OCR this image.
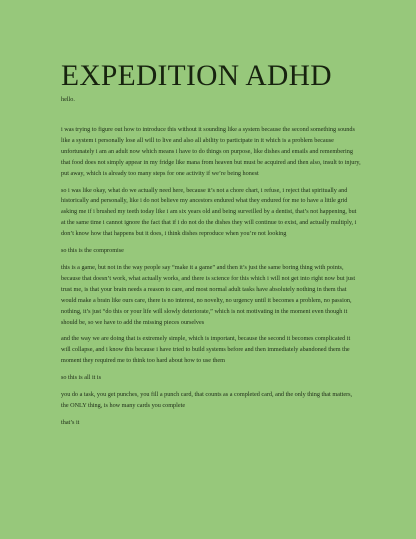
EXPEDITION ADHD

hello.

i was trying to figure out how to introduce this without it sounding like a system because the second something sounds like a system i personally lose all will to live and also all ability to participate in it which is a problem because unfortunately i am an adult now which means i have to do things on purpose, like dishes and emails and remembering that food does not simply appear in my fridge like mana from heaven but must be acquired and then also, insult to injury, put away, which is already too many steps for one activity if we’re being honest

so i was like okay, what do we actually need here, because it’s not a chore chart, i refuse, i reject that spiritually and historically and personally, like i do not believe my ancestors endured what they endured for me to have a little grid asking me if i brushed my teeth today like i am six years old and being surveilled by a dentist, that’s not happening, but at the same time i cannot ignore the fact that if i do not do the dishes they will continue to exist, and actually multiply, i don’t know how that happens but it does, i think dishes reproduce when you’re not looking

so this is the compromise

this is a game, but not in the way people say “make it a game” and then it’s just the same boring thing with points, because that doesn’t work, what actually works, and there is science for this which i will not get into right now but just trust me, is that your brain needs a reason to care, and most normal adult tasks have absolutely nothing in them that would make a brain like ours care, there is no interest, no novelty, no urgency until it becomes a problem, no passion, nothing, it’s just “do this or your life will slowly deteriorate,” which is not motivating in the moment even though it should be, so we have to add the missing pieces ourselves

and the way we are doing that is extremely simple, which is important, because the second it becomes complicated it will collapse, and i know this because i have tried to build systems before and then immediately abandoned them the moment they required me to think too hard about how to use them

so this is all it is

you do a task, you get punches, you fill a punch card, that counts as a completed card, and the only thing that matters, the ONLY thing, is how many cards you complete

that’s it
